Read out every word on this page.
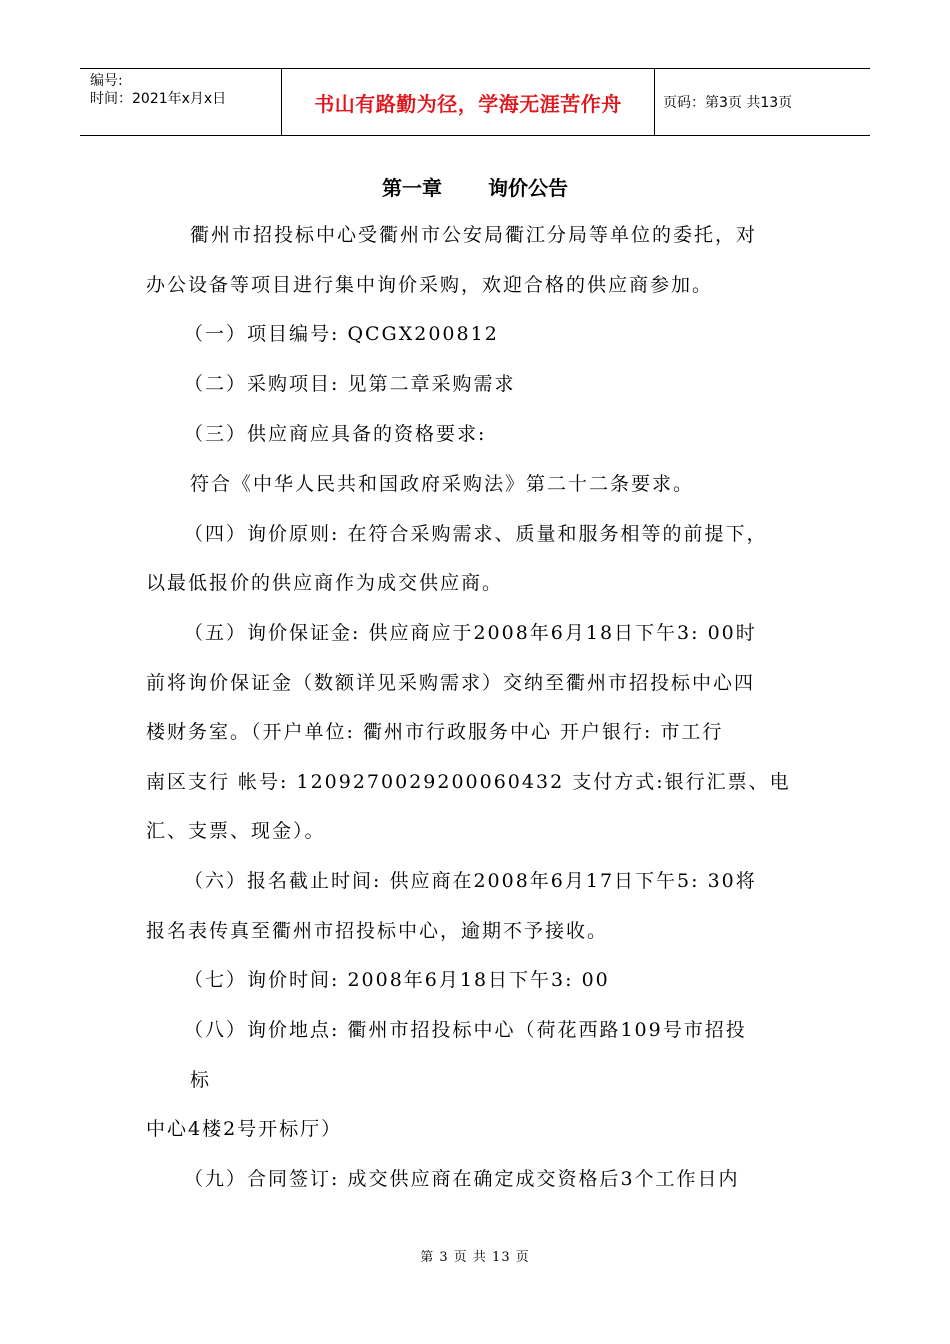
编号:
时间：2021年x月x日	书山有路勤为径，学海无涯苦作舟	页码：第3页 共13页
第一章 询价公告
衢州市招投标中心受衢州市公安局衢江分局等单位的委托，对
办公设备等项目进行集中询价采购，欢迎合格的供应商参加。
（一）项目编号: QCGX200812
（二）采购项目: 见第二章采购需求
（三）供应商应具备的资格要求:
符合《中华人民共和国政府采购法》第二十二条要求。
（四）询价原则: 在符合采购需求、质量和服务相等的前提下，
以最低报价的供应商作为成交供应商。
（五）询价保证金: 供应商应于2008年6月18日下午3: 00时
前将询价保证金（数额详见采购需求）交纳至衢州市招投标中心四
楼财务室。（开户单位: 衢州市行政服务中心 开户银行: 市工行
南区支行 帐号: 1209270029200060432 支付方式:银行汇票、电
汇、支票、现金）。
（六）报名截止时间: 供应商在2008年6月17日下午5: 30将
报名表传真至衢州市招投标中心，逾期不予接收。
（七）询价时间: 2008年6月18日下午3: 00
（八）询价地点: 衢州市招投标中心（荷花西路109号市招投
标
中心4楼2号开标厅）
（九）合同签订: 成交供应商在确定成交资格后3个工作日内
第 3 页 共 13 页
